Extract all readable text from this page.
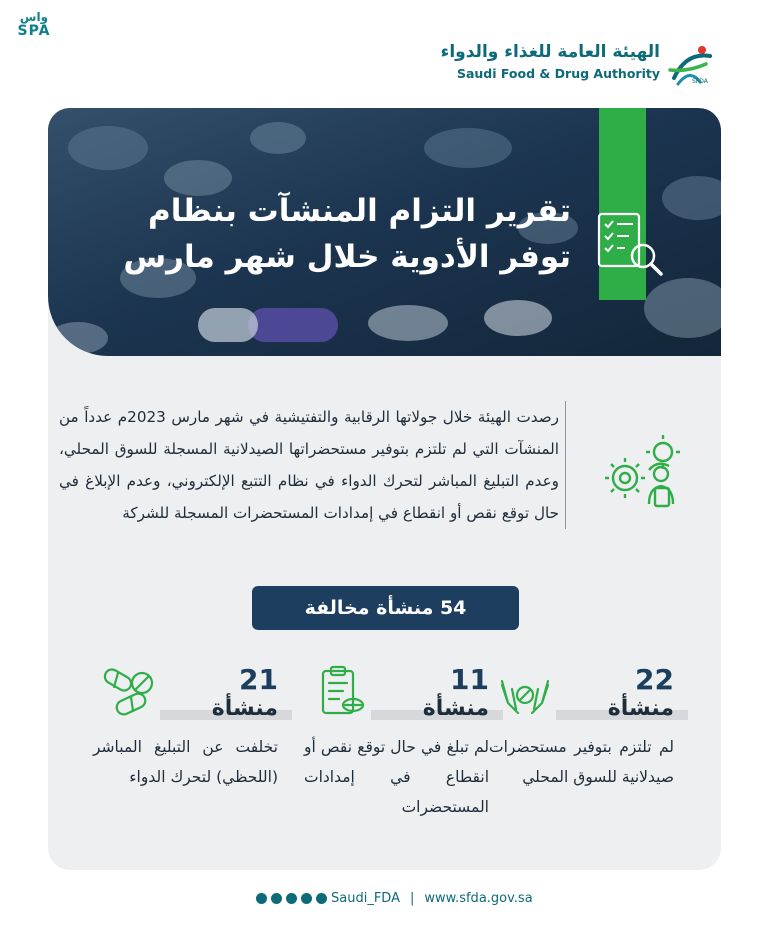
واس
SPA
الهيئة العامة للغذاء والدواء
Saudi Food & Drug Authority
SFDA
تقرير التزام المنشآت بنظام
توفر الأدوية خلال شهر مارس
رصدت الهيئة خلال جولاتها الرقابية والتفتيشية في شهر مارس 2023م عدداً من المنشآت التي لم تلتزم بتوفير مستحضراتها الصيدلانية المسجلة للسوق المحلي، وعدم التبليغ المباشر لتحرك الدواء في نظام التتبع الإلكتروني، وعدم الإبلاغ في حال توقع نقص أو انقطاع في إمدادات المستحضرات المسجلة للشركة
54 منشأة مخالفة
22
منشأة
لم تلتزم بتوفير مستحضرات صيدلانية للسوق المحلي
11
منشأة
لم تبلغ في حال توقع نقص أو انقطاع في إمدادات المستحضرات
21
منشأة
تخلفت عن التبليغ المباشر (اللحظي) لتحرك الدواء
Saudi_FDA | www.sfda.gov.sa
